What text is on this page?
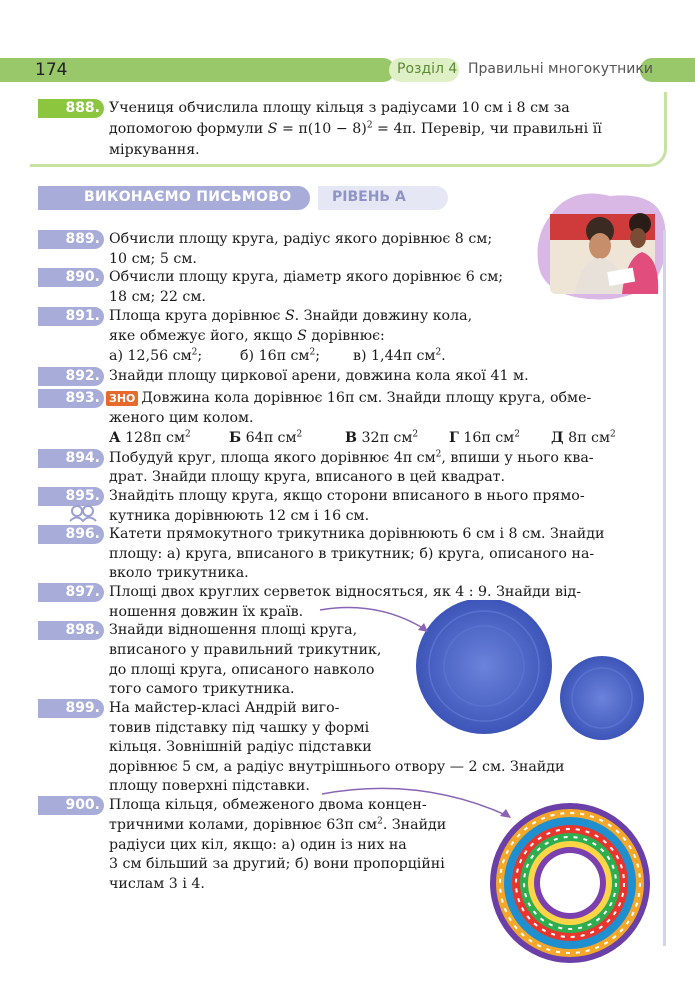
174	Розділ 4 Правильні многокутники
888. Учениця обчислила площу кільця з радіусами 10 см і 8 см за
допомогою формули $S = \pi(10 - 8)^2 = 4\pi$. Перевір, чи правильні її
міркування.
ВИКОНАЄМО ПИСЬМОВО	РІВЕНЬ А
889. Обчисли площу круга, радіус якого дорівнює 8 см;
10 см; 5 см.
890. Обчисли площу круга, діаметр якого дорівнює 6 см;
18 см; 22 см.
891. Площа круга дорівнює S. Знайди довжину кола,
яке обмежує його, якщо S дорівнює:
а) 12,56 $см^2$;	б) 16π $см^2$; в) 1,44π $см^2$.
892. Знайди площу циркової арени, довжина кола якої 41 м.
893. ЗНО Довжина кола дорівнює 16π см. Знайди площу круга, обме-
женого цим колом.
А 128π $см^2$	Б 64π $см^2$	В 32π $см^2$ Г 16π $см^2$ Д 8π $см^2$
894. Побудуй круг, площа якого дорівнює 4π $см^2$, впиши у нього ква-
драт. Знайди площу круга, вписаного в цей квадрат.
895. Знайдіть площу круга, якщо сторони вписаного в нього прямо-
кутника дорівнюють 12 см і 16 см.
896. Катети прямокутного трикутника дорівнюють 6 см і 8 см. Знайди
площу: а) круга, вписаного в трикутник; б) круга, описаного на-
вколо трикутника.
897. Площі двох круглих серветок відносяться, як 4 : 9. Знайди від-
ношення довжин їх країв.
898. Знайди відношення площі круга,
вписаного у правильний трикутник,
до площі круга, описаного навколо
того самого трикутника.
899. На майстер-класі Андрій виго-
товив підставку під чашку у формі
кільця. Зовнішній радіус підставки
дорівнює 5 см, а радіус внутрішнього отвору — 2 см. Знайди
площу поверхні підставки.
900. Площа кільця, обмеженого двома концен-
тричними колами, дорівнює 63π $см^2$. Знайди
радіуси цих кіл, якщо: а) один із них на
3 см більший за другий; б) вони пропорційні
числам 3 і 4.
